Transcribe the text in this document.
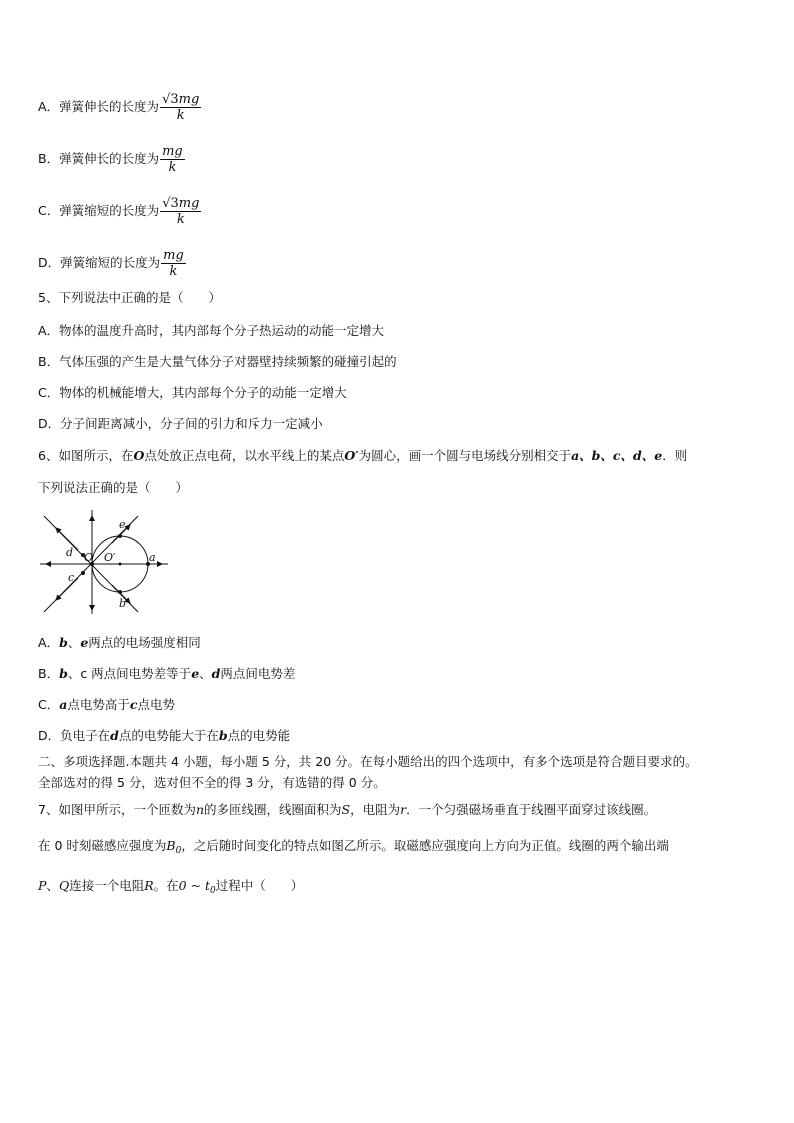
A．弹簧伸长的长度为 $\frac{√3mg}{k}$
B．弹簧伸长的长度为 $\frac{mg}{k}$
C．弹簧缩短的长度为 $\frac{√3mg}{k}$
D．弹簧缩短的长度为 $\frac{mg}{k}$
5、下列说法中正确的是（　　）
A．物体的温度升高时，其内部每个分子热运动的动能一定增大
B．气体压强的产生是大量气体分子对器壁持续频繁的碰撞引起的
C．物体的机械能增大，其内部每个分子的动能一定增大
D．分子间距离减小，分子间的引力和斥力一定减小
6、如图所示，在O点处放正点电荷，以水平线上的某点O′为圆心，画一个圆与电场线分别相交于a、b、c、d、e．则
下列说法正确的是（　　）
O O′	a
b
e
d
c
A．b、e两点的电场强度相同
B．b、c 两点间电势差等于e、d两点间电势差
C．a点电势高于c点电势
D．负电子在d点的电势能大于在b点的电势能
二、多项选择题.本题共 4 小题，每小题 5 分，共 20 分。在每小题给出的四个选项中，有多个选项是符合题目要求的。
全部选对的得 5 分，选对但不全的得 3 分，有选错的得 0 分。
7、如图甲所示，一个匝数为n的多匝线圈，线圈面积为S，电阻为r．一个匀强磁场垂直于线圈平面穿过该线圈。
在 0 时刻磁感应强度为$B_0$，之后随时间变化的特点如图乙所示。取磁感应强度向上方向为正值。线圈的两个输出端
P、Q连接一个电阻R。在0 ~ $t_0$过程中（　　）
